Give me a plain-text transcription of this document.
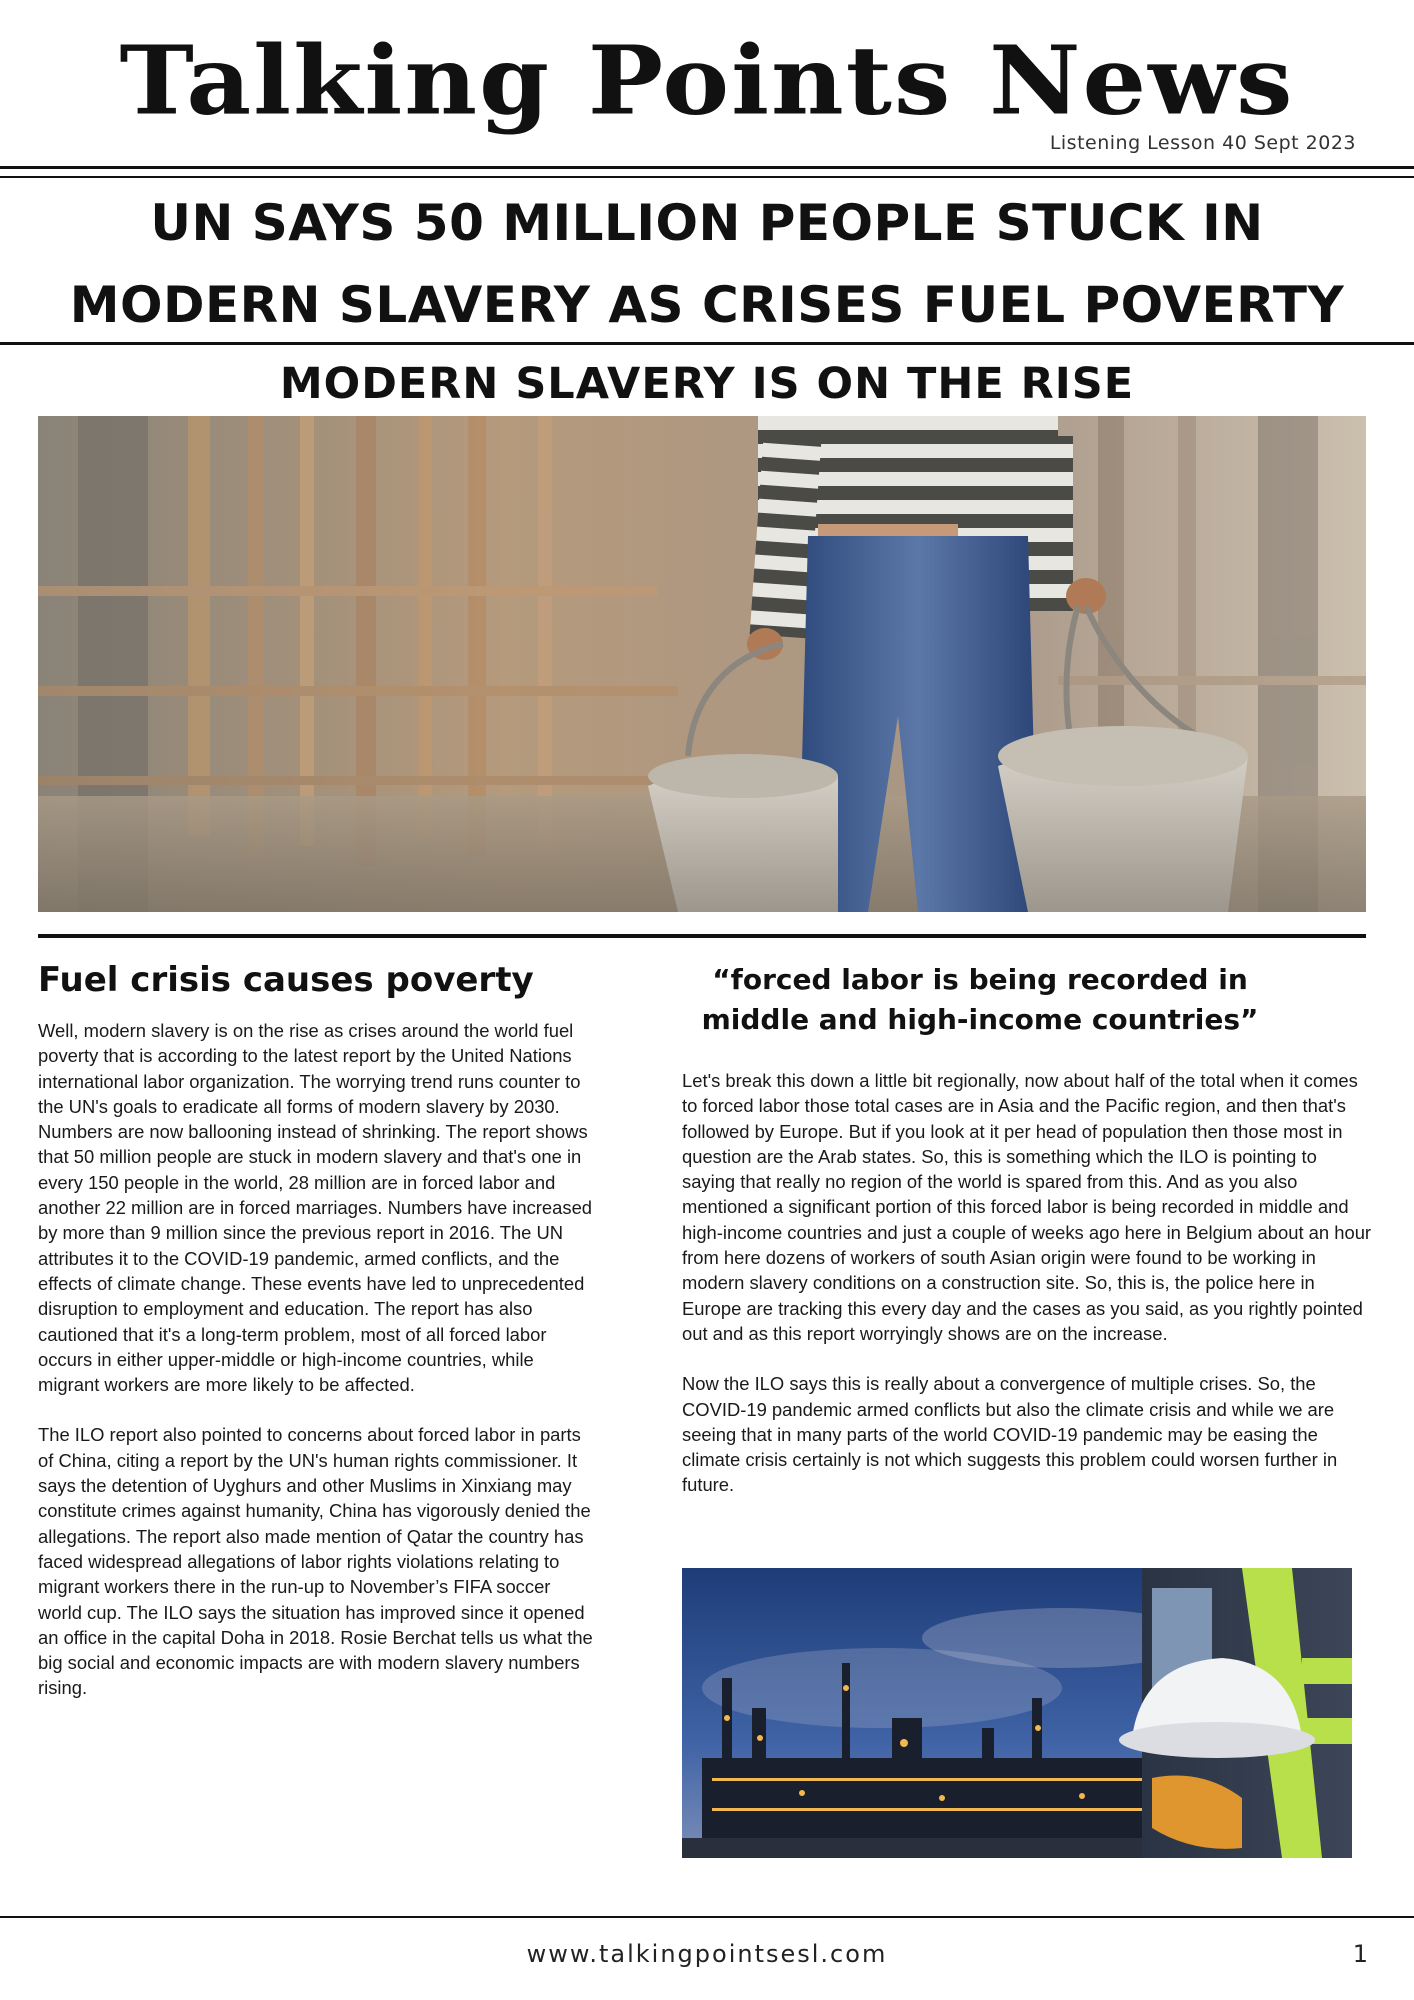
Talking Points News
Listening Lesson 40 Sept 2023
UN SAYS 50 MILLION PEOPLE STUCK IN MODERN SLAVERY AS CRISES FUEL POVERTY
MODERN SLAVERY IS ON THE RISE
Fuel crisis causes poverty

Well, modern slavery is on the rise as crises around the world fuel poverty that is according to the latest report by the United Nations international labor organization. The worrying trend runs counter to the UN's goals to eradicate all forms of modern slavery by 2030. Numbers are now ballooning instead of shrinking. The report shows that 50 million people are stuck in modern slavery and that's one in every 150 people in the world, 28 million are in forced labor and another 22 million are in forced marriages. Numbers have increased by more than 9 million since the previous report in 2016. The UN attributes it to the COVID-19 pandemic, armed conflicts, and the effects of climate change. These events have led to unprecedented disruption to employment and education. The report has also cautioned that it's a long-term problem, most of all forced labor occurs in either upper-middle or high-income countries, while migrant workers are more likely to be affected.

The ILO report also pointed to concerns about forced labor in parts of China, citing a report by the UN's human rights commissioner. It says the detention of Uyghurs and other Muslims in Xinxiang may constitute crimes against humanity, China has vigorously denied the allegations. The report also made mention of Qatar the country has faced widespread allegations of labor rights violations relating to migrant workers there in the run-up to November’s FIFA soccer world cup. The ILO says the situation has improved since it opened an office in the capital Doha in 2018. Rosie Berchat tells us what the big social and economic impacts are with modern slavery numbers rising.

“forced labor is being recorded in middle and high-income countries”

Let's break this down a little bit regionally, now about half of the total when it comes to forced labor those total cases are in Asia and the Pacific region, and then that's followed by Europe. But if you look at it per head of population then those most in question are the Arab states. So, this is something which the ILO is pointing to saying that really no region of the world is spared from this. And as you also mentioned a significant portion of this forced labor is being recorded in middle and high-income countries and just a couple of weeks ago here in Belgium about an hour from here dozens of workers of south Asian origin were found to be working in modern slavery conditions on a construction site. So, this is, the police here in Europe are tracking this every day and the cases as you said, as you rightly pointed out and as this report worryingly shows are on the increase.

Now the ILO says this is really about a convergence of multiple crises. So, the COVID-19 pandemic armed conflicts but also the climate crisis and while we are seeing that in many parts of the world COVID-19 pandemic may be easing the climate crisis certainly is not which suggests this problem could worsen further in future.

www.talkingpointsesl.com	1
